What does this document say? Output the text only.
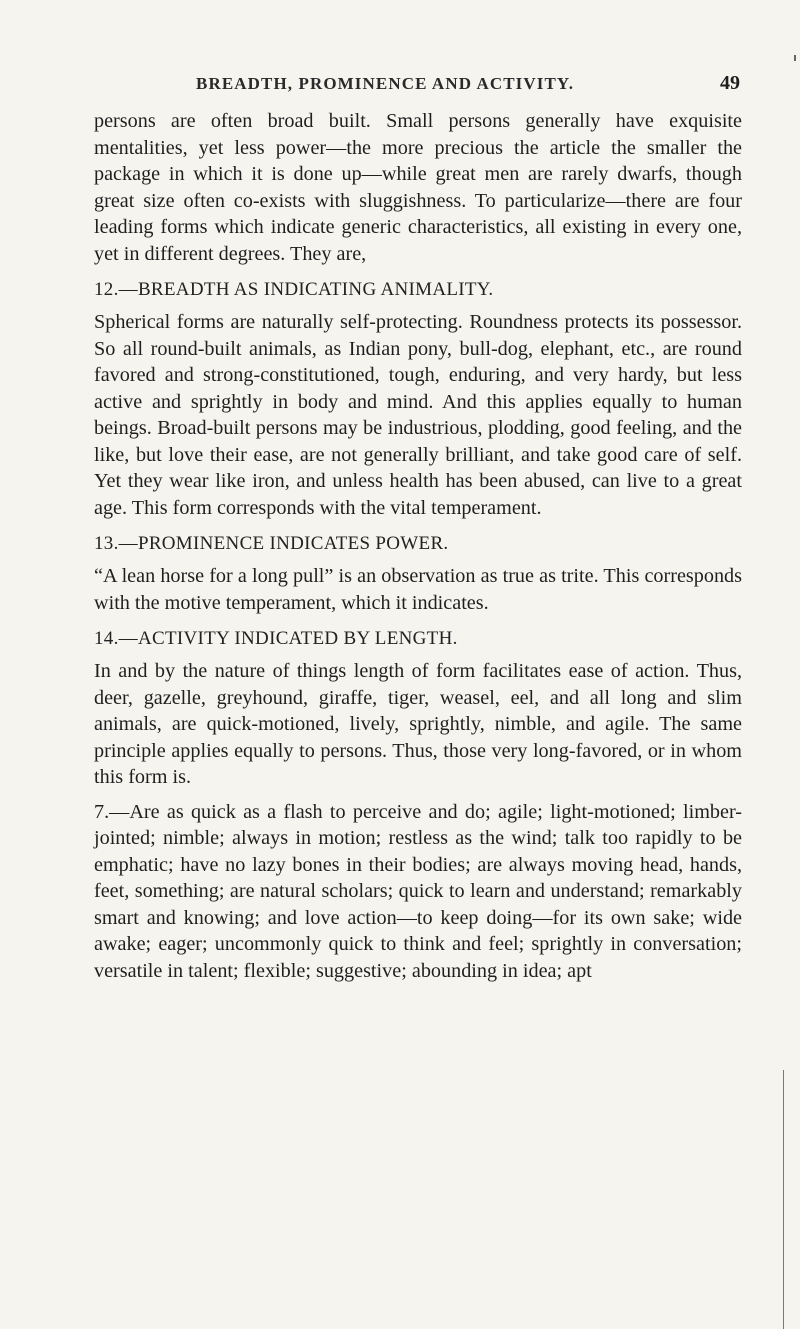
BREADTH, PROMINENCE AND ACTIVITY.	49

persons are often broad built. Small persons generally have exquisite mentalities, yet less power—the more precious the article the smaller the package in which it is done up—while great men are rarely dwarfs, though great size often co-exists with sluggishness. To particularize—there are four leading forms which indicate generic characteristics, all existing in every one, yet in different degrees. They are,

12.—BREADTH AS INDICATING ANIMALITY.

Spherical forms are naturally self-protecting. Roundness protects its possessor. So all round-built animals, as Indian pony, bull-dog, elephant, etc., are round favored and strong-constitutioned, tough, enduring, and very hardy, but less active and sprightly in body and mind. And this applies equally to human beings. Broad-built persons may be industrious, plodding, good feeling, and the like, but love their ease, are not generally brilliant, and take good care of self. Yet they wear like iron, and unless health has been abused, can live to a great age. This form corresponds with the vital temperament.

13.—PROMINENCE INDICATES POWER.

“A lean horse for a long pull” is an observation as true as trite. This corresponds with the motive temperament, which it indicates.

14.—ACTIVITY INDICATED BY LENGTH.

In and by the nature of things length of form facilitates ease of action. Thus, deer, gazelle, greyhound, giraffe, tiger, weasel, eel, and all long and slim animals, are quick-motioned, lively, sprightly, nimble, and agile. The same principle applies equally to persons. Thus, those very long-favored, or in whom this form is.

7.—Are as quick as a flash to perceive and do; agile; light-motioned; limber-jointed; nimble; always in motion; restless as the wind; talk too rapidly to be emphatic; have no lazy bones in their bodies; are always moving head, hands, feet, something; are natural scholars; quick to learn and understand; remarkably smart and knowing; and love action—to keep doing—for its own sake; wide awake; eager; uncommonly quick to think and feel; sprightly in conversation; versatile in talent; flexible; suggestive; abounding in idea; apt
